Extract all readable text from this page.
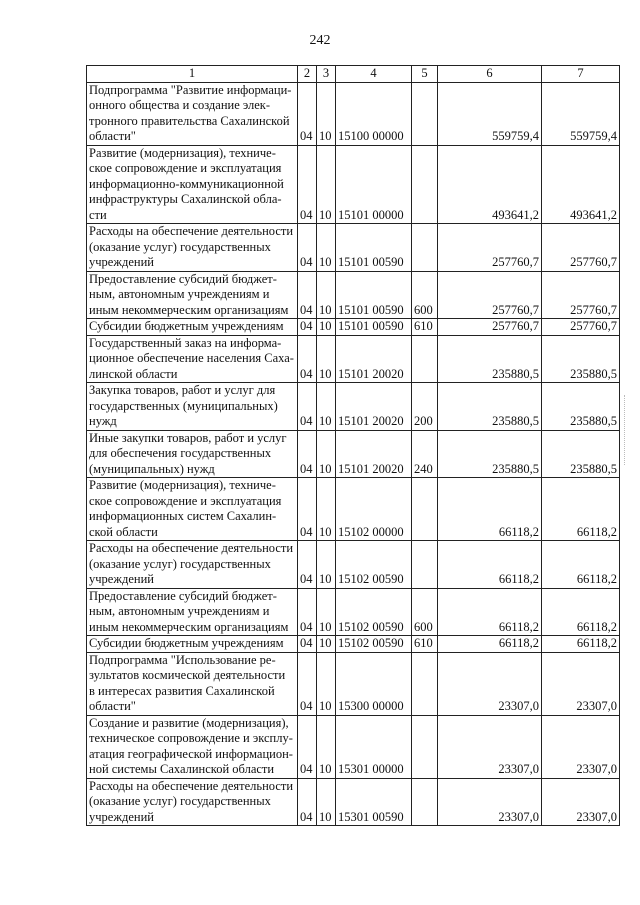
242
1	2	3	4	5	6	7
Подпрограмма "Развитие информаци-
онного общества и создание элек-
тронного правительства Сахалинской
области"	04	10	15100 00000		559759,4	559759,4
Развитие (модернизация), техниче-
ское сопровождение и эксплуатация
информационно-коммуникационной
инфраструктуры Сахалинской обла-
сти	04	10	15101 00000		493641,2	493641,2
Расходы на обеспечение деятельности
(оказание услуг) государственных
учреждений	04	10	15101 00590		257760,7	257760,7
Предоставление субсидий бюджет-
ным, автономным учреждениям и
иным некоммерческим организациям	04	10	15101 00590	600	257760,7	257760,7
Субсидии бюджетным учреждениям	04	10	15101 00590	610	257760,7	257760,7
Государственный заказ на информа-
ционное обеспечение населения Саха-
линской области	04	10	15101 20020		235880,5	235880,5
Закупка товаров, работ и услуг для
государственных (муниципальных)
нужд	04	10	15101 20020	200	235880,5	235880,5
Иные закупки товаров, работ и услуг
для обеспечения государственных
(муниципальных) нужд	04	10	15101 20020	240	235880,5	235880,5
Развитие (модернизация), техниче-
ское сопровождение и эксплуатация
информационных систем Сахалин-
ской области	04	10	15102 00000		66118,2	66118,2
Расходы на обеспечение деятельности
(оказание услуг) государственных
учреждений	04	10	15102 00590		66118,2	66118,2
Предоставление субсидий бюджет-
ным, автономным учреждениям и
иным некоммерческим организациям	04	10	15102 00590	600	66118,2	66118,2
Субсидии бюджетным учреждениям	04	10	15102 00590	610	66118,2	66118,2
Подпрограмма "Использование ре-
зультатов космической деятельности
в интересах развития Сахалинской
области"	04	10	15300 00000		23307,0	23307,0
Создание и развитие (модернизация),
техническое сопровождение и эксплу-
атация географической информацион-
ной системы Сахалинской области	04	10	15301 00000		23307,0	23307,0
Расходы на обеспечение деятельности
(оказание услуг) государственных
учреждений	04	10	15301 00590		23307,0	23307,0
